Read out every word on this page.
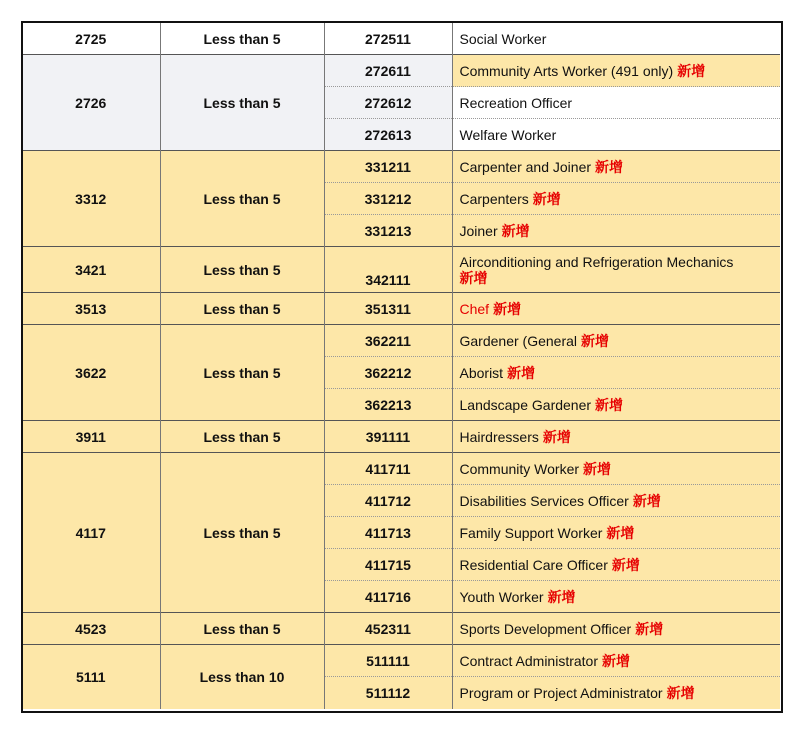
2725	Less than 5	272511	Social Worker
2726	Less than 5	272611	Community Arts Worker (491 only) 新增
		272612	Recreation Officer
		272613	Welfare Worker
3312	Less than 5	331211	Carpenter and Joiner 新增
		331212	Carpenters 新增
		331213	Joiner 新增
3421	Less than 5	342111	Airconditioning and Refrigeration Mechanics
新增

3513	Less than 5	351311	Chef 新增
3622	Less than 5	362211	Gardener (General 新增
		362212	Aborist 新增
		362213	Landscape Gardener 新增
3911	Less than 5	391111	Hairdressers 新增
4117	Less than 5	411711	Community Worker 新增
		411712	Disabilities Services Officer 新增
		411713	Family Support Worker 新增
		411715	Residential Care Officer 新增
		411716	Youth Worker 新增
4523	Less than 5	452311	Sports Development Officer 新增
5111	Less than 10	511111	Contract Administrator 新增
		511112	Program or Project Administrator 新增
